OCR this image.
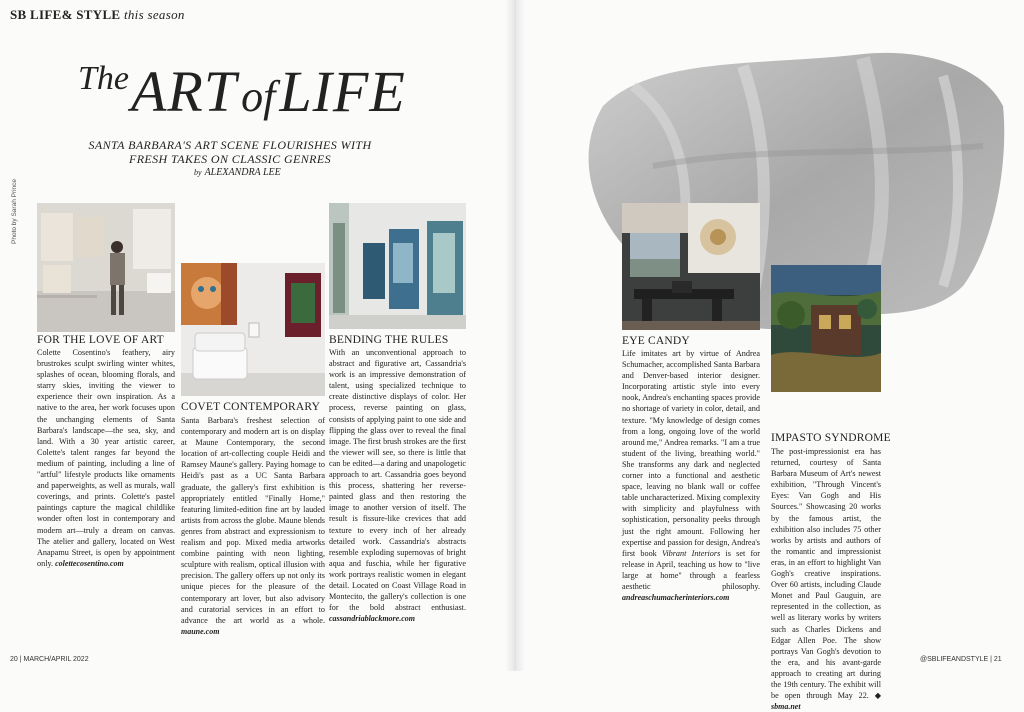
SB LIFE& STYLE this season
TheART of LIFE
SANTA BARBARA'S ART SCENE FLOURISHES WITH FRESH TAKES ON CLASSIC GENRES
by ALEXANDRA LEE
Photo by Sarah Prince
FOR THE LOVE OF ART
Colette Cosentino's feathery, airy brustrokes sculpt swirling winter whites, splashes of ocean, blooming florals, and starry skies, inviting the viewer to experience their own inspiration. As a native to the area, her work focuses upon the unchanging elements of Santa Barbara's landscape—the sea, sky, and land. With a 30 year artistic career, Colette's talent ranges far beyond the medium of painting, including a line of "artful" lifestyle products like ornaments and paperweights, as well as murals, wall coverings, and prints. Colette's pastel paintings capture the magical childlike wonder often lost in contemporary and modern art—truly a dream on canvas. The atelier and gallery, located on West Anapamu Street, is open by appointment only. colettecosentino.com
COVET CONTEMPORARY
Santa Barbara's freshest selection of contemporary and modern art is on display at Maune Contemporary, the second location of art-collecting couple Heidi and Ramsey Maune's gallery. Paying homage to Heidi's past as a UC Santa Barbara graduate, the gallery's first exhibition is appropriately entitled "Finally Home," featuring limited-edition fine art by lauded artists from across the globe. Maune blends genres from abstract and expressionism to realism and pop. Mixed media artworks combine painting with neon lighting, sculpture with realism, optical illusion with precision. The gallery offers up not only its unique pieces for the pleasure of the contemporary art lover, but also advisory and curatorial services in an effort to advance the art world as a whole. maune.com
BENDING THE RULES
With an unconventional approach to abstract and figurative art, Cassandria's work is an impressive demonstration of talent, using specialized technique to create distinctive displays of color. Her process, reverse painting on glass, consists of applying paint to one side and flipping the glass over to reveal the final image. The first brush strokes are the first the viewer will see, so there is little that can be edited—a daring and unapologetic approach to art. Cassandria goes beyond this process, shattering her reverse-painted glass and then restoring the image to another version of itself. The result is fissure-like crevices that add texture to every inch of her already detailed work. Cassandria's abstracts resemble exploding supernovas of bright aqua and fuschia, while her figurative work portrays realistic women in elegant detail. Located on Coast Village Road in Montecito, the gallery's collection is one for the bold abstract enthusiast. cassandriablackmore.com
20 | MARCH/APRIL 2022
EYE CANDY
Life imitates art by virtue of Andrea Schumacher, accomplished Santa Barbara and Denver-based interior designer. Incorporating artistic style into every nook, Andrea's enchanting spaces provide no shortage of variety in color, detail, and texture. "My knowledge of design comes from a long, ongoing love of the world around me," Andrea remarks. "I am a true student of the living, breathing world." She transforms any dark and neglected corner into a functional and aesthetic space, leaving no blank wall or coffee table uncharacterized. Mixing complexity with simplicity and playfulness with sophistication, personality peeks through just the right amount. Following her expertise and passion for design, Andrea's first book Vibrant Interiors is set for release in April, teaching us how to "live large at home" through a fearless aesthetic philosophy. andreaschumacherinteriors.com
IMPASTO SYNDROME
The post-impressionist era has returned, courtesy of Santa Barbara Museum of Art's newest exhibition, "Through Vincent's Eyes: Van Gogh and His Sources." Showcasing 20 works by the famous artist, the exhibition also includes 75 other works by artists and authors of the romantic and impressionist eras, in an effort to highlight Van Gogh's creative inspirations. Over 60 artists, including Claude Monet and Paul Gauguin, are represented in the collection, as well as literary works by writers such as Charles Dickens and Edgar Allen Poe. The show portrays Van Gogh's devotion to the era, and his avant-garde approach to creating art during the 19th century. The exhibit will be open through May 22. ◆ sbma.net
@SBLIFEANDSTYLE | 21
